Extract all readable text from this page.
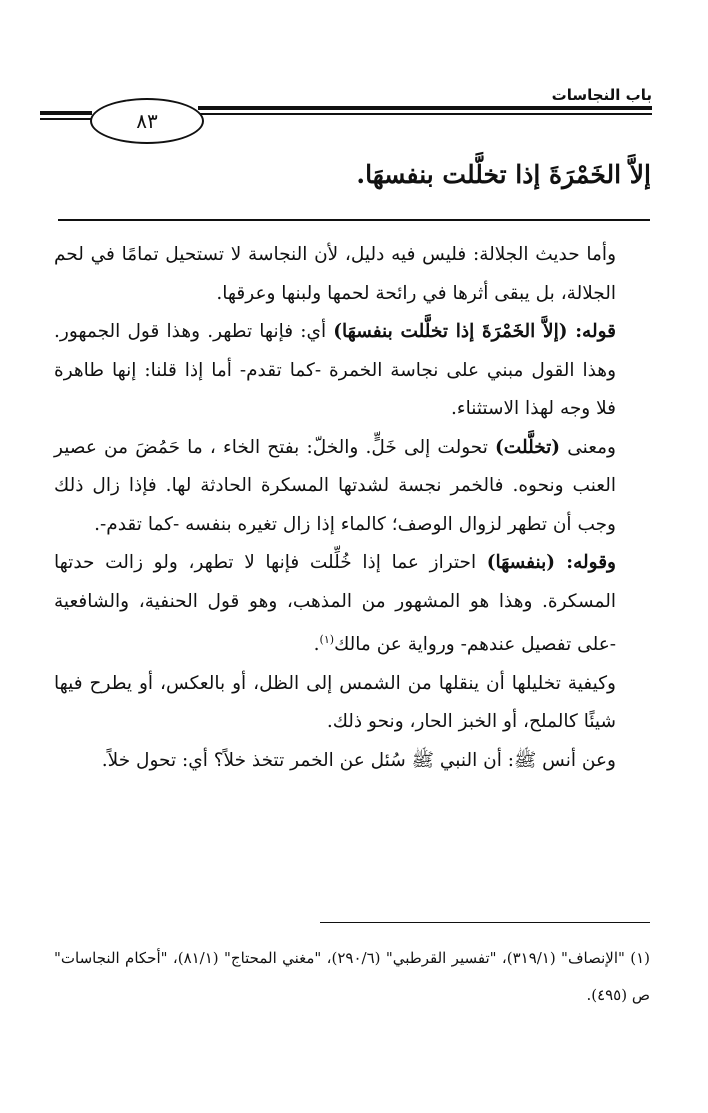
باب النجاسات
٨٣
إلاَّ الخَمْرَةَ إذا تخلَّلت بنفسهَا.

وأما حديث الجلالة: فليس فيه دليل، لأن النجاسة لا تستحيل تمامًا في لحم الجلالة، بل يبقى أثرها في رائحة لحمها ولبنها وعرقها.

قوله: (إلاَّ الخَمْرَةَ إذا تخلَّلت بنفسهَا) أي: فإنها تطهر. وهذا قول الجمهور. وهذا القول مبني على نجاسة الخمرة -كما تقدم- أما إذا قلنا: إنها طاهرة فلا وجه لهذا الاستثناء.

ومعنى (تخلَّلت) تحولت إلى خَلٍّ. والخلّ: بفتح الخاء ، ما حَمُضَ من عصير العنب ونحوه. فالخمر نجسة لشدتها المسكرة الحادثة لها. فإذا زال ذلك وجب أن تطهر لزوال الوصف؛ كالماء إذا زال تغيره بنفسه -كما تقدم-.

وقوله: (بنفسهَا) احتراز عما إذا خُلِّلت فإنها لا تطهر، ولو زالت حدتها المسكرة. وهذا هو المشهور من المذهب، وهو قول الحنفية، والشافعية -على تفصيل عندهم- ورواية عن مالك$^{(١)}$.

وكيفية تخليلها أن ينقلها من الشمس إلى الظل، أو بالعكس، أو يطرح فيها شيئًا كالملح، أو الخبز الحار، ونحو ذلك.

وعن أنس ﷺ: أن النبي ﷺ سُئل عن الخمر تتخذ خلاً؟ أي: تحول خلاً.

(١) "الإنصاف" (٣١٩/١)، "تفسير القرطبي" (٢٩٠/٦)، "مغني المحتاج" (٨١/١)، "أحكام النجاسات" ص (٤٩٥).
